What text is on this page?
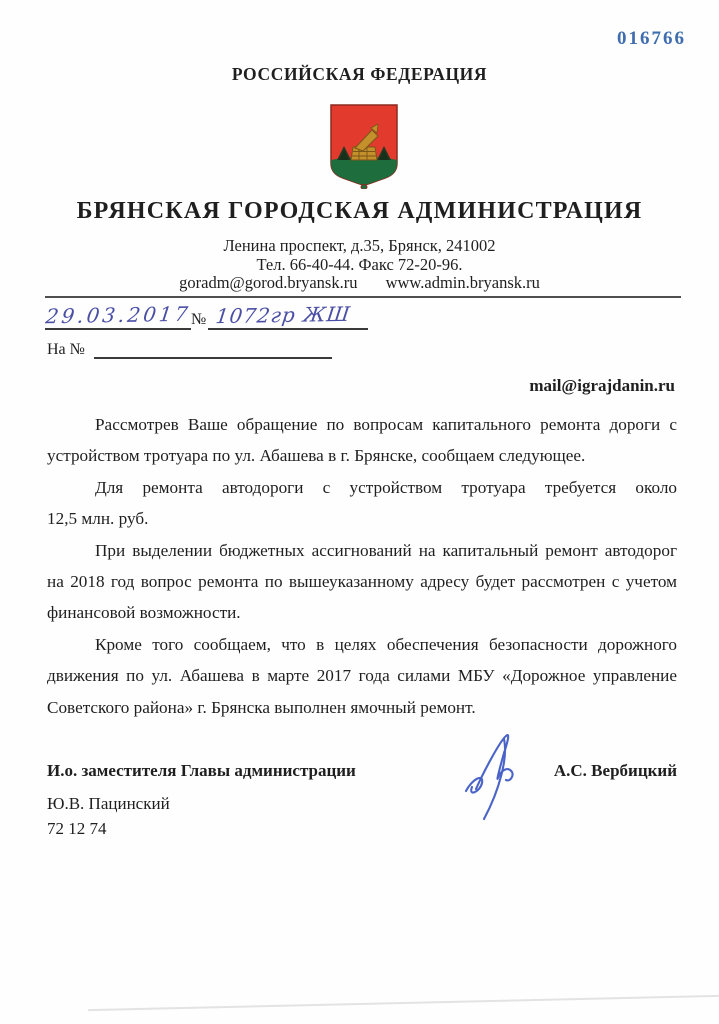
016766
РОССИЙСКАЯ ФЕДЕРАЦИЯ
БРЯНСКАЯ ГОРОДСКАЯ АДМИНИСТРАЦИЯ
Ленина проспект, д.35, Брянск, 241002
Тел. 66-40-44. Факс 72-20-96.
goradm@gorod.bryansk.ru www.admin.bryansk.ru
29.03.2017 № 1072гр ЖШ
На №
mail@igrajdanin.ru
Рассмотрев Ваше обращение по вопросам капитального ремонта дороги с
устройством тротуара по ул. Абашева в г. Брянске, сообщаем следующее.
Для ремонта автодороги с устройством тротуара требуется около
12,5 млн. руб.
При выделении бюджетных ассигнований на капитальный ремонт автодорог
на 2018 год вопрос ремонта по вышеуказанному адресу будет рассмотрен с учетом
финансовой возможности.
Кроме того сообщаем, что в целях обеспечения безопасности дорожного
движения по ул. Абашева в марте 2017 года силами МБУ «Дорожное управление
Советского района» г. Брянска выполнен ямочный ремонт.
И.о. заместителя Главы администрации	А.С. Вербицкий
Ю.В. Пацинский
72 12 74
